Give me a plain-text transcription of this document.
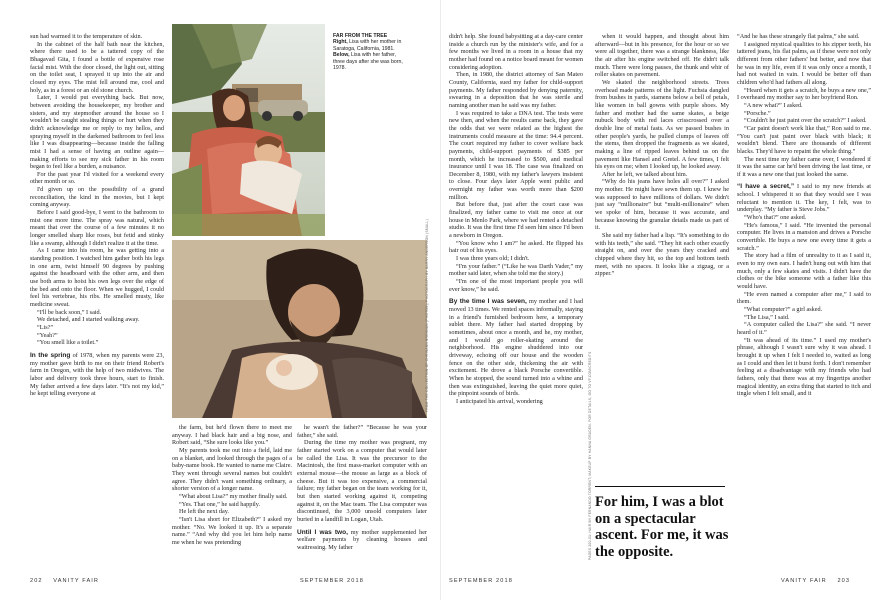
sun had warmed it to the temperature of skin.

In the cabinet of the half bath near the kitchen, where there used to be a tattered copy of the Bhagavad Gita, I found a bottle of expensive rose facial mist. With the door closed, the light out, sitting on the toilet seat, I sprayed it up into the air and closed my eyes. The mist fell around me, cool and holy, as in a forest or an old stone church.

Later, I would put everything back. But now, between avoiding the housekeeper, my brother and sisters, and my stepmother around the house so I wouldn't be caught stealing things or hurt when they didn't acknowledge me or reply to my hellos, and spraying myself in the darkened bathroom to feel less like I was disappearing—because inside the falling mist I had a sense of having an outline again—making efforts to see my sick father in his room began to feel like a burden, a nuisance.

For the past year I'd visited for a weekend every other month or so.

I'd given up on the possibility of a grand reconciliation, the kind in the movies, but I kept coming anyway.

Before I said good-bye, I went to the bathroom to mist one more time. The spray was natural, which meant that over the course of a few minutes it no longer smelled sharp like roses, but fetid and stinky like a swamp, although I didn't realize it at the time.

As I came into his room, he was getting into a standing position. I watched him gather both his legs in one arm, twist himself 90 degrees by pushing against the headboard with the other arm, and then use both arms to hoist his own legs over the edge of the bed and onto the floor. When we hugged, I could feel his vertebrae, his ribs. He smelled musty, like medicine sweat.

“I'll be back soon,” I said.

We detached, and I started walking away.

“Lis?”

“Yeah?”

“You smell like a toilet.”

In the spring of 1978, when my parents were 23, my mother gave birth to me on their friend Robert's farm in Oregon, with the help of two midwives. The labor and delivery took three hours, start to finish. My father arrived a few days later. “It's not my kid,” he kept telling everyone at

FAR FROM THE TREE
Right, Lisa with her mother in Saratoga, California, 1981.
Below, Lisa with her father, three days after she was born, 1978.
FROM THE COLLECTION OF CHRISANN BRENNAN (PHOTOS); PHOTOGRAPH BY BARRY ANDERSON (SMALL)

the farm, but he'd flown there to meet me anyway. I had black hair and a big nose, and Robert said, “She sure looks like you.”

My parents took me out into a field, laid me on a blanket, and looked through the pages of a baby-name book. He wanted to name me Claire. They went through several names but couldn't agree. They didn't want something ordinary, a shorter version of a longer name.

“What about Lisa?” my mother finally said.

“Yes. That one,” he said happily.

He left the next day.

“Isn't Lisa short for Elizabeth?” I asked my mother. “No. We looked it up. It's a separate name.” “And why did you let him help name me when he was pretending

he wasn't the father?” “Because he was your father,” she said.

During the time my mother was pregnant, my father started work on a computer that would later be called the Lisa. It was the precursor to the Macintosh, the first mass-market computer with an external mouse—the mouse as large as a block of cheese. But it was too expensive, a commercial failure; my father began on the team working for it, but then started working against it, competing against it, on the Mac team. The Lisa computer was discontinued, the 3,000 unsold computers later buried in a landfill in Logan, Utah.

Until I was two, my mother supplemented her welfare payments by cleaning houses and waitressing. My father

202 VANITY FAIR	SEPTEMBER 2018

didn't help. She found babysitting at a day-care center inside a church run by the minister's wife, and for a few months we lived in a room in a house that my mother had found on a notice board meant for women considering adoption.

Then, in 1980, the district attorney of San Mateo County, California, sued my father for child-support payments. My father responded by denying paternity, swearing in a deposition that he was sterile and naming another man he said was my father.

I was required to take a DNA test. The tests were new then, and when the results came back, they gave the odds that we were related as the highest the instruments could measure at the time: 94.4 percent. The court required my father to cover welfare back payments, child-support payments of $385 per month, which he increased to $500, and medical insurance until I was 18. The case was finalized on December 8, 1980, with my father's lawyers insistent to close. Four days later Apple went public and overnight my father was worth more than $200 million.

But before that, just after the court case was finalized, my father came to visit me once at our house in Menlo Park, where we had rented a detached studio. It was the first time I'd seen him since I'd been a newborn in Oregon.

“You know who I am?” he asked. He flipped his hair out of his eyes.

I was three years old; I didn't.

“I'm your father.” (“Like he was Darth Vader,” my mother said later, when she told me the story.)

“I'm one of the most important people you will ever know,” he said.

By the time I was seven, my mother and I had moved 13 times. We rented spaces informally, staying in a friend's furnished bedroom here, a temporary sublet there. My father had started dropping by sometimes, about once a month, and he, my mother, and I would go roller-skating around the neighborhood. His engine shuddered into our driveway, echoing off our house and the wooden fence on the other side, thickening the air with excitement. He drove a black Porsche convertible. When he stopped, the sound turned into a whine and then was extinguished, leaving the quiet more quiet, the pinpoint sounds of birds.

I anticipated his arrival, wondering	PAGES 200-01: HAIR BY FERNANDO TORRENT; MAKEUP BY HANNA GRADEN. FOR DETAILS, GO TO VF.COM/CREDITS

when it would happen, and thought about him afterward—but in his presence, for the hour or so we were all together, there was a strange blankness, like the air after his engine switched off. He didn't talk much. There were long pauses, the thunk and whir of roller skates on pavement.

We skated the neighborhood streets. Trees overhead made patterns of the light. Fuchsia dangled from bushes in yards, stamens below a bell of petals, like women in ball gowns with purple shoes. My father and mother had the same skates, a beige nubuck body with red laces crisscrossed over a double line of metal fasts. As we passed bushes in other people's yards, he pulled clumps of leaves off the stems, then dropped the fragments as we skated, making a line of ripped leaves behind us on the pavement like Hansel and Gretel. A few times, I felt his eyes on me; when I looked up, he looked away.

After he left, we talked about him.

“Why do his jeans have holes all over?” I asked my mother. He might have sewn them up. I knew he was supposed to have millions of dollars. We didn't just say “millionaire” but “multi-millionaire” when we spoke of him, because it was accurate, and because knowing the granular details made us part of it.

She said my father had a lisp. “It's something to do with his teeth,” she said. “They hit each other exactly straight on, and over the years they cracked and chipped where they hit, so the top and bottom teeth meet, with no spaces. It looks like a zigzag, or a zipper.”

For him, I was a blot on a spectacular ascent. For me, it was the opposite.

“And he has these strangely flat palms,” she said.

I assigned mystical qualities to his zipper teeth, his tattered jeans, his flat palms, as if these were not only different from other fathers' but better, and now that he was in my life, even if it was only once a month, I had not waited in vain. I would be better off than children who'd had fathers all along.

“Heard when it gets a scratch, he buys a new one,” I overheard my mother say to her boyfriend Ron.

“A new what?” I asked.

“Porsche.”

“Couldn't he just paint over the scratch?” I asked.

“Car paint doesn't work like that,” Ron said to me. “You can't just paint over black with black; it wouldn't blend. There are thousands of different blacks. They'd have to repaint the whole thing.”

The next time my father came over, I wondered if it was the same car he'd been driving the last time, or if it was a new one that just looked the same.

“I have a secret,” I said to my new friends at school. I whispered it so that they would see I was reluctant to mention it. The key, I felt, was to underplay. “My father is Steve Jobs.”

“Who's that?” one asked.

“He's famous,” I said. “He invented the personal computer. He lives in a mansion and drives a Porsche convertible. He buys a new one every time it gets a scratch.”

The story had a film of unreality to it as I said it, even to my own ears. I hadn't hung out with him that much, only a few skates and visits. I didn't have the clothes or the bike someone with a father like this would have.

“He even named a computer after me,” I said to them.

“What computer?” a girl asked.

“The Lisa,” I said.

“A computer called the Lisa?” she said. “I never heard of it.”

“It was ahead of its time.” I used my mother's phrase, although I wasn't sure why it was ahead. I brought it up when I felt I needed to, waited as long as I could and then let it burst forth. I don't remember feeling at a disadvantage with my friends who had fathers, only that there was at my fingertips another magical identity, an extra thing that started to itch and tingle when I felt small, and it

SEPTEMBER 2018	VANITY FAIR 203
